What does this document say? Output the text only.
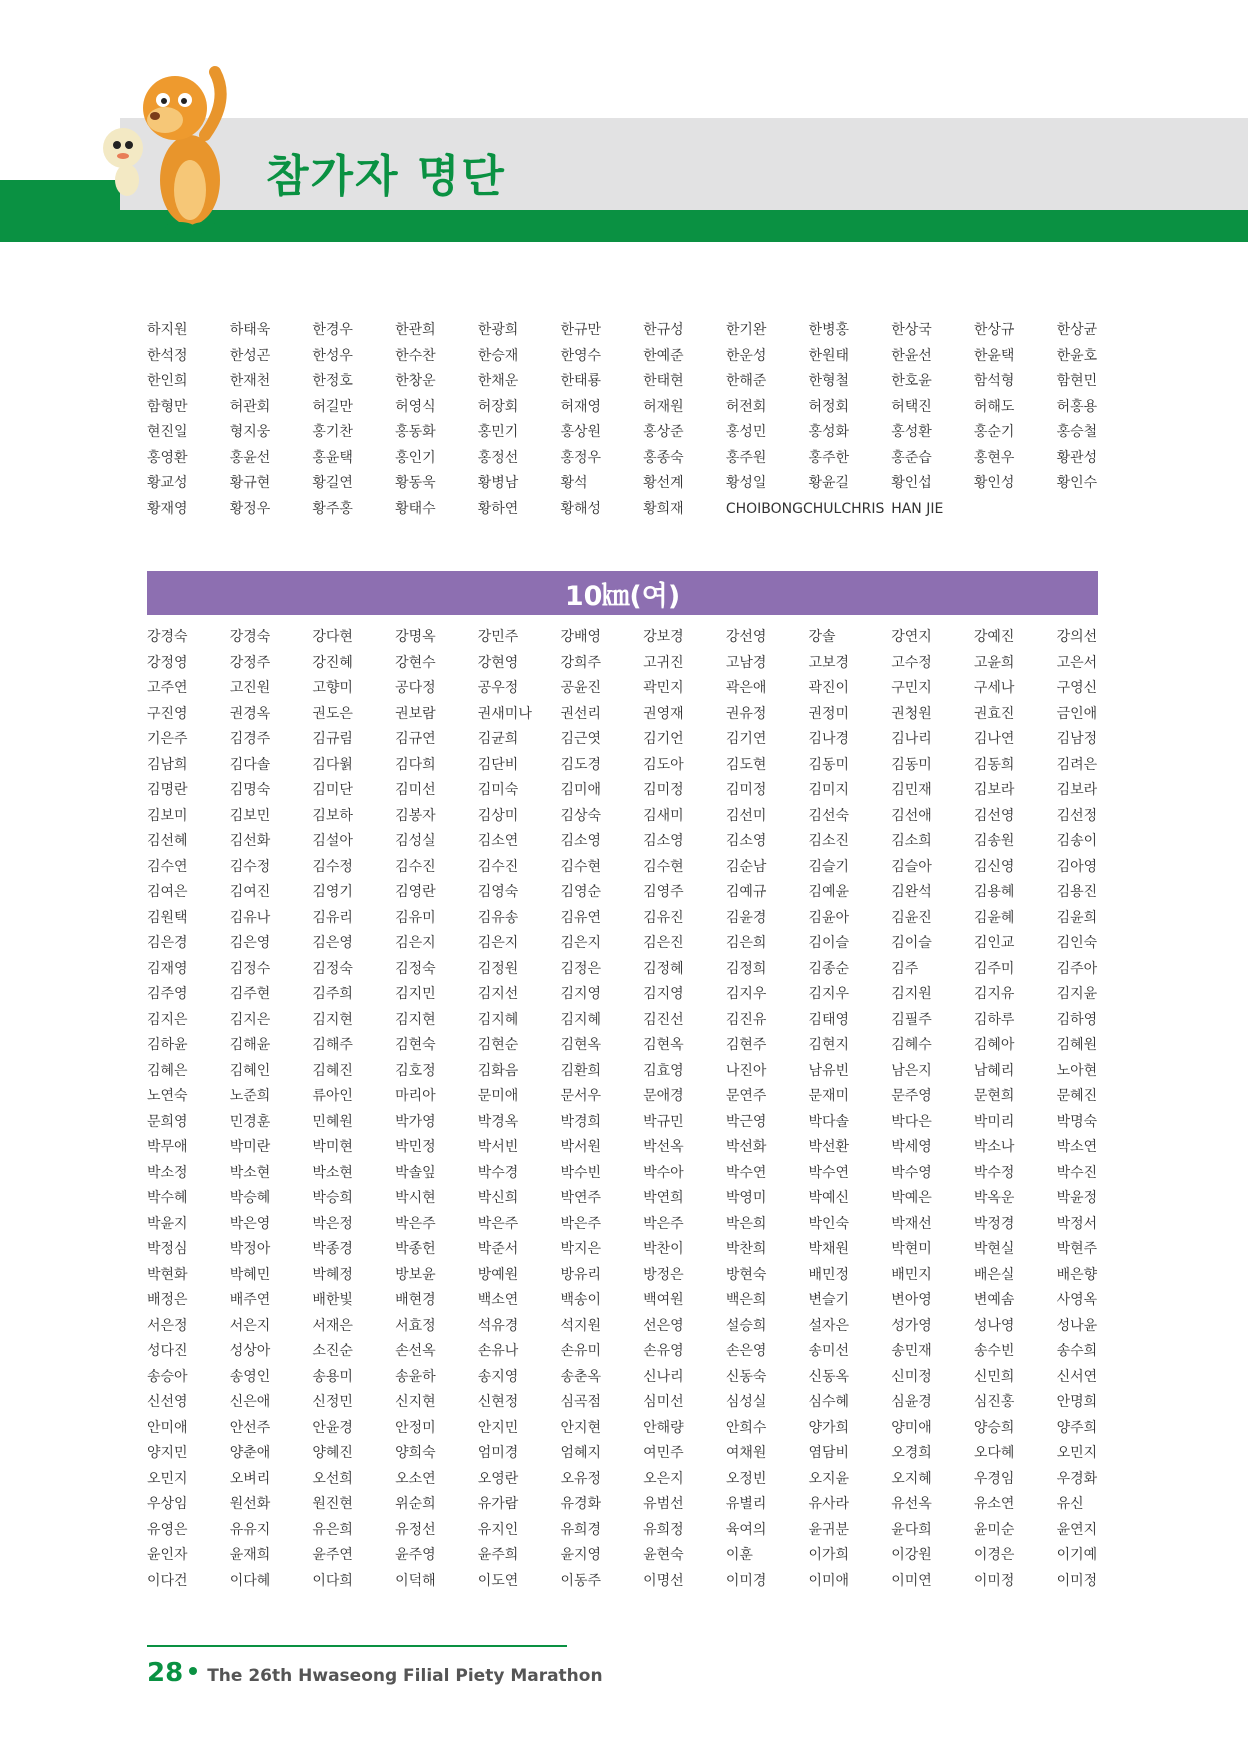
참가자 명단
하지원	하태욱	한경우	한관희	한광희	한규만	한규성	한기완	한병홍	한상국	한상규	한상균
한석정	한성곤	한성우	한수찬	한승재	한영수	한예준	한운성	한원태	한윤선	한윤택	한윤호
한인희	한재천	한정호	한창운	한채운	한태룡	한태현	한해준	한형철	한호윤	함석형	함현민
함형만	허관회	허길만	허영식	허장회	허재영	허재원	허전회	허정회	허택진	허해도	허홍용
현진일	형지웅	홍기찬	홍동화	홍민기	홍상원	홍상준	홍성민	홍성화	홍성환	홍순기	홍승철
홍영환	홍윤선	홍윤택	홍인기	홍정선	홍정우	홍종숙	홍주원	홍주한	홍준습	홍현우	황관성
황교성	황규현	황길연	황동욱	황병남	황석	황선계	황성일	황윤길	황인섭	황인성	황인수
황재영	황정우	황주홍	황태수	황하연	황해성	황희재	CHOIBONGCHULCHRIS HAN JIE
10㎞(여)
강경숙	강경숙	강다현	강명옥	강민주	강배영	강보경	강선영	강솔	강연지	강예진	강의선
강정영	강정주	강진혜	강현수	강현영	강희주	고귀진	고남경	고보경	고수정	고윤희	고은서
고주연	고진원	고향미	공다정	공우정	공윤진	곽민지	곽은애	곽진이	구민지	구세나	구영신
구진영	권경옥	권도은	권보람	권새미나	권선리	권영재	권유정	권정미	권청원	권효진	금인애
기은주	김경주	김규림	김규연	김균희	김근엿	김기언	김기연	김나경	김나리	김나연	김남정
김남희	김다솔	김다웕	김다희	김단비	김도경	김도아	김도현	김동미	김동미	김동희	김려은
김명란	김명숙	김미단	김미선	김미숙	김미애	김미정	김미정	김미지	김민재	김보라	김보라
김보미	김보민	김보하	김봉자	김상미	김상숙	김새미	김선미	김선숙	김선애	김선영	김선정
김선혜	김선화	김설아	김성실	김소연	김소영	김소영	김소영	김소진	김소희	김송원	김송이
김수연	김수정	김수정	김수진	김수진	김수현	김수현	김순남	김슬기	김슬아	김신영	김아영
김여은	김여진	김영기	김영란	김영숙	김영순	김영주	김예규	김예윤	김완석	김용혜	김용진
김원택	김유나	김유리	김유미	김유송	김유연	김유진	김윤경	김윤아	김윤진	김윤혜	김윤희
김은경	김은영	김은영	김은지	김은지	김은지	김은진	김은희	김이슬	김이슬	김인교	김인숙
김재영	김정수	김정숙	김정숙	김정원	김정은	김정혜	김정희	김종순	김주	김주미	김주아
김주영	김주현	김주희	김지민	김지선	김지영	김지영	김지우	김지우	김지원	김지유	김지윤
김지은	김지은	김지현	김지현	김지혜	김지혜	김진선	김진유	김태영	김필주	김하루	김하영
김하윤	김해윤	김해주	김현숙	김현순	김현옥	김현옥	김현주	김현지	김혜수	김혜아	김혜원
김혜은	김혜인	김혜진	김호정	김화음	김환희	김효영	나진아	남유빈	남은지	남혜리	노아현
노연숙	노준희	류아인	마리아	문미애	문서우	문애경	문연주	문재미	문주영	문현희	문혜진
문희영	민경훈	민혜원	박가영	박경옥	박경희	박규민	박근영	박다솔	박다은	박미리	박명숙
박무애	박미란	박미현	박민정	박서빈	박서원	박선옥	박선화	박선환	박세영	박소나	박소연
박소정	박소현	박소현	박솔잎	박수경	박수빈	박수아	박수연	박수연	박수영	박수정	박수진
박수혜	박승혜	박승희	박시현	박신희	박연주	박연희	박영미	박예신	박예은	박옥운	박윤정
박윤지	박은영	박은정	박은주	박은주	박은주	박은주	박은희	박인숙	박재선	박정경	박정서
박정심	박정아	박종경	박종헌	박준서	박지은	박찬이	박찬희	박채원	박현미	박현실	박현주
박현화	박혜민	박혜정	방보윤	방예원	방유리	방정은	방현숙	배민정	배민지	배은실	배은향
배정은	배주연	배한빛	배현경	백소연	백송이	백여원	백은희	변슬기	변아영	변예솜	사영옥
서은정	서은지	서재은	서효정	석유경	석지원	선은영	설승희	설자은	성가영	성나영	성나윤
성다진	성상아	소진순	손선옥	손유나	손유미	손유영	손은영	송미선	송민재	송수빈	송수희
송승아	송영인	송용미	송윤하	송지영	송춘옥	신나리	신동숙	신동옥	신미정	신민희	신서연
신선영	신은애	신정민	신지현	신현정	심곡점	심미선	심성실	심수혜	심윤경	심진홍	안명희
안미애	안선주	안윤경	안정미	안지민	안지현	안해량	안희수	양가희	양미애	양승희	양주희
양지민	양춘애	양혜진	양희숙	엄미경	엄혜지	여민주	여채원	염담비	오경희	오다혜	오민지
오민지	오벼리	오선희	오소연	오영란	오유정	오은지	오정빈	오지윤	오지혜	우경임	우경화
우상임	원선화	원진현	위순희	유가람	유경화	유범선	유별리	유사라	유선옥	유소연	유신
유영은	유유지	유은희	유정선	유지인	유희경	유희정	육여의	윤귀분	윤다희	윤미순	윤연지
윤인자	윤재희	윤주연	윤주영	윤주희	윤지영	윤현숙	이훈	이가희	이강원	이경은	이기예
이다건	이다혜	이다희	이덕해	이도연	이동주	이명선	이미경	이미애	이미연	이미정	이미정
28 The 26th Hwaseong Filial Piety Marathon
